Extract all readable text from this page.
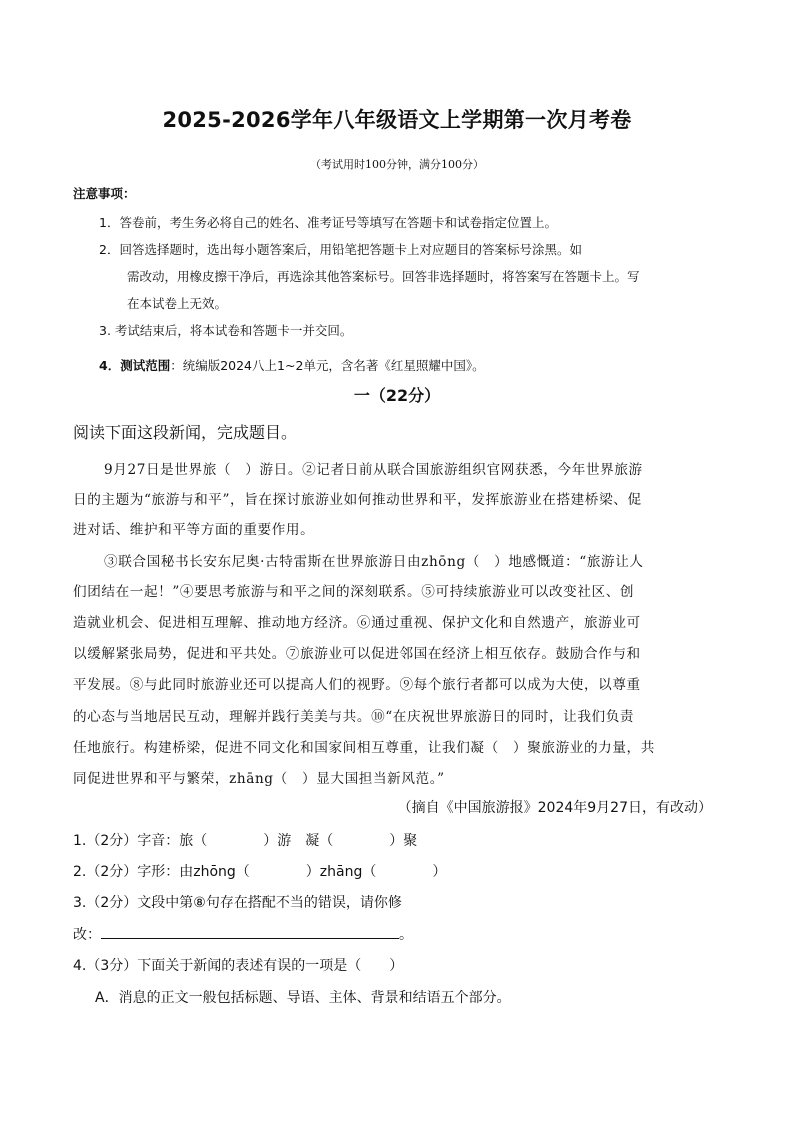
2025-2026学年八年级语文上学期第一次月考卷
（考试用时100分钟，满分100分）
注意事项：
1．答卷前，考生务必将自己的姓名、准考证号等填写在答题卡和试卷指定位置上。
2．回答选择题时，选出每小题答案后，用铅笔把答题卡上对应题目的答案标号涂黑。如
需改动，用橡皮擦干净后，再选涂其他答案标号。回答非选择题时，将答案写在答题卡上。写
在本试卷上无效。
3. 考试结束后，将本试卷和答题卡一并交回。
4．测试范围：统编版2024八上1~2单元，含名著《红星照耀中国》。
一（22分）
阅读下面这段新闻，完成题目。
9月27日是世界旅（　）游日。②记者日前从联合国旅游组织官网获悉，今年世界旅游
日的主题为“旅游与和平”，旨在探讨旅游业如何推动世界和平，发挥旅游业在搭建桥梁、促
进对话、维护和平等方面的重要作用。
③联合国秘书长安东尼奥·古特雷斯在世界旅游日由zhōng（　）地感慨道：“旅游让人
们团结在一起！”④要思考旅游与和平之间的深刻联系。⑤可持续旅游业可以改变社区、创
造就业机会、促进相互理解、推动地方经济。⑥通过重视、保护文化和自然遗产，旅游业可
以缓解紧张局势，促进和平共处。⑦旅游业可以促进邻国在经济上相互依存。鼓励合作与和
平发展。⑧与此同时旅游业还可以提高人们的视野。⑨每个旅行者都可以成为大使，以尊重
的心态与当地居民互动，理解并践行美美与共。⑩“在庆祝世界旅游日的同时，让我们负责
任地旅行。构建桥梁，促进不同文化和国家间相互尊重，让我们凝（　）聚旅游业的力量，共
同促进世界和平与繁荣，zhāng（　）显大国担当新风范。”
（摘自《中国旅游报》2024年9月27日，有改动）
1.（2分）字音：旅（　　　　）游　凝（　　　　）聚
2.（2分）字形：由zhōng（　　　　）zhāng（　　　　）
3.（2分）文段中第⑧句存在搭配不当的错误，请你修
改：	。
4.（3分）下面关于新闻的表述有误的一项是（　　）
A．消息的正文一般包括标题、导语、主体、背景和结语五个部分。
